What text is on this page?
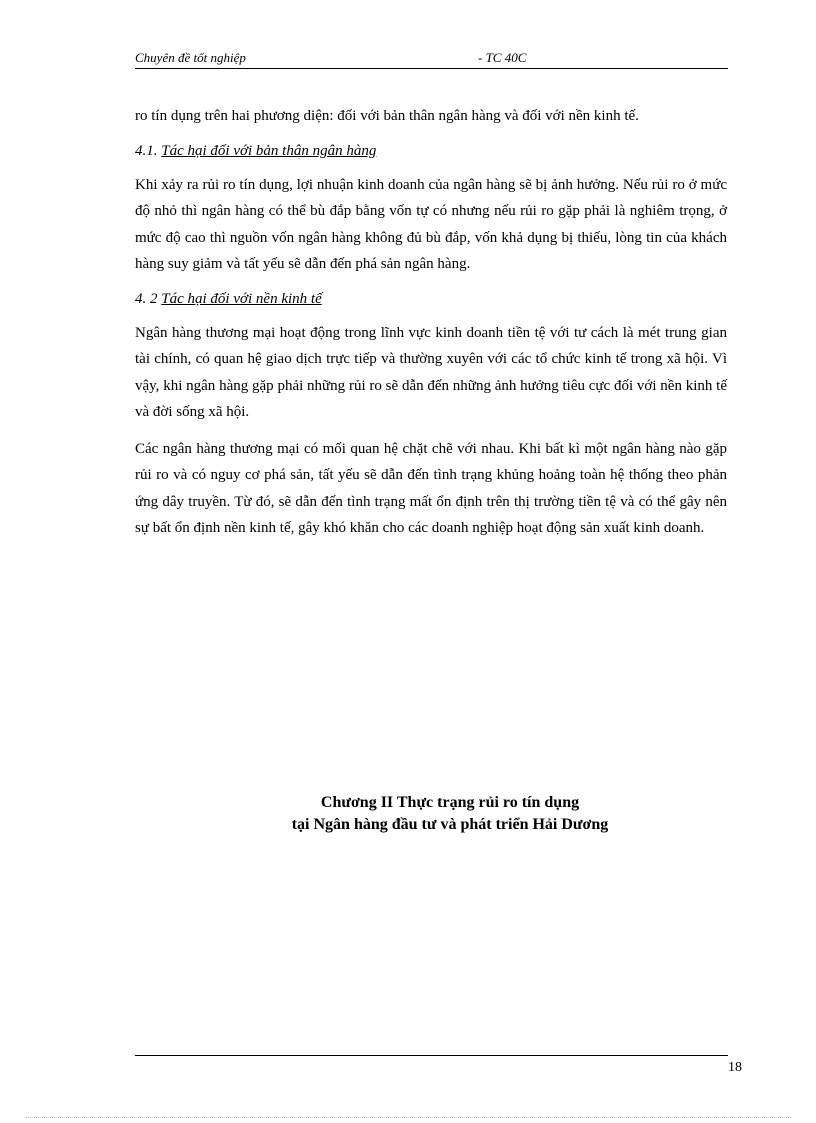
Chuyên đề tốt nghiệp	- TC 40C

ro tín dụng trên hai phương diện: đối với bản thân ngân hàng và đối với nền kinh tế.

4.1. Tác hại đối với bản thân ngân hàng

Khi xảy ra rủi ro tín dụng, lợi nhuận kinh doanh của ngân hàng sẽ bị ảnh hưởng. Nếu rủi ro ở mức độ nhỏ thì ngân hàng có thể bù đắp bằng vốn tự có nhưng nếu rủi ro gặp phải là nghiêm trọng, ở mức độ cao thì nguồn vốn ngân hàng không đủ bù đắp, vốn khả dụng bị thiếu, lòng tin của khách hàng suy giảm và tất yếu sẽ dẫn đến phá sản ngân hàng.

4. 2 Tác hại đối với nền kinh tế

Ngân hàng thương mại hoạt động trong lĩnh vực kinh doanh tiền tệ với tư cách là mét trung gian tài chính, có quan hệ giao dịch trực tiếp và thường xuyên với các tổ chức kinh tế trong xã hội. Vì vậy, khi ngân hàng gặp phải những rủi ro sẽ dẫn đến những ảnh hưởng tiêu cực đối với nền kinh tế và đời sống xã hội.

Các ngân hàng thương mại có mối quan hệ chặt chẽ với nhau. Khi bất kì một ngân hàng nào gặp rủi ro và có nguy cơ phá sản, tất yếu sẽ dẫn đến tình trạng khủng hoảng toàn hệ thống theo phản ứng dây truyền. Từ đó, sẽ dẫn đến tình trạng mất ổn định trên thị trường tiền tệ và có thể gây nên sự bất ổn định nền kinh tế, gây khó khăn cho các doanh nghiệp hoạt động sản xuất kinh doanh.

Chương II Thực trạng rủi ro tín dụng
tại Ngân hàng đầu tư và phát triển Hải Dương
18
